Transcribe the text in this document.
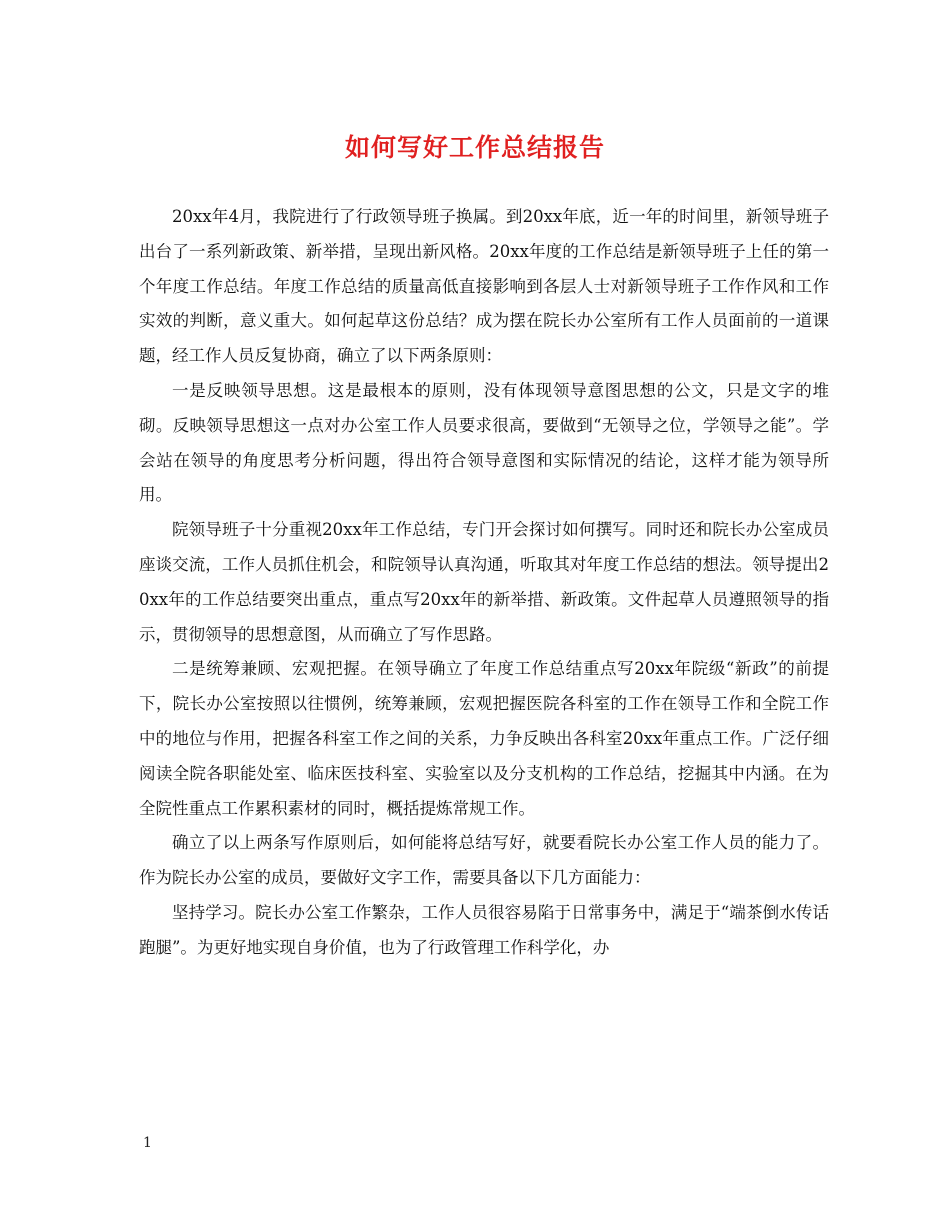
如何写好工作总结报告

20xx年4月，我院进行了行政领导班子换属。到20xx年底，近一年的时间里，新领导班子出台了一系列新政策、新举措，呈现出新风格。20xx年度的工作总结是新领导班子上任的第一个年度工作总结。年度工作总结的质量高低直接影响到各层人士对新领导班子工作作风和工作实效的判断，意义重大。如何起草这份总结？成为摆在院长办公室所有工作人员面前的一道课题，经工作人员反复协商，确立了以下两条原则：

一是反映领导思想。这是最根本的原则，没有体现领导意图思想的公文，只是文字的堆砌。反映领导思想这一点对办公室工作人员要求很高，要做到“无领导之位，学领导之能”。学会站在领导的角度思考分析问题，得出符合领导意图和实际情况的结论，这样才能为领导所用。

院领导班子十分重视20xx年工作总结，专门开会探讨如何撰写。同时还和院长办公室成员座谈交流，工作人员抓住机会，和院领导认真沟通，听取其对年度工作总结的想法。领导提出20xx年的工作总结要突出重点，重点写20xx年的新举措、新政策。文件起草人员遵照领导的指示，贯彻领导的思想意图，从而确立了写作思路。

二是统筹兼顾、宏观把握。在领导确立了年度工作总结重点写20xx年院级“新政”的前提下，院长办公室按照以往惯例，统筹兼顾，宏观把握医院各科室的工作在领导工作和全院工作中的地位与作用，把握各科室工作之间的关系，力争反映出各科室20xx年重点工作。广泛仔细阅读全院各职能处室、临床医技科室、实验室以及分支机构的工作总结，挖掘其中内涵。在为全院性重点工作累积素材的同时，概括提炼常规工作。

确立了以上两条写作原则后，如何能将总结写好，就要看院长办公室工作人员的能力了。作为院长办公室的成员，要做好文字工作，需要具备以下几方面能力：

坚持学习。院长办公室工作繁杂，工作人员很容易陷于日常事务中，满足于“端茶倒水传话跑腿”。为更好地实现自身价值，也为了行政管理工作科学化，办

1
